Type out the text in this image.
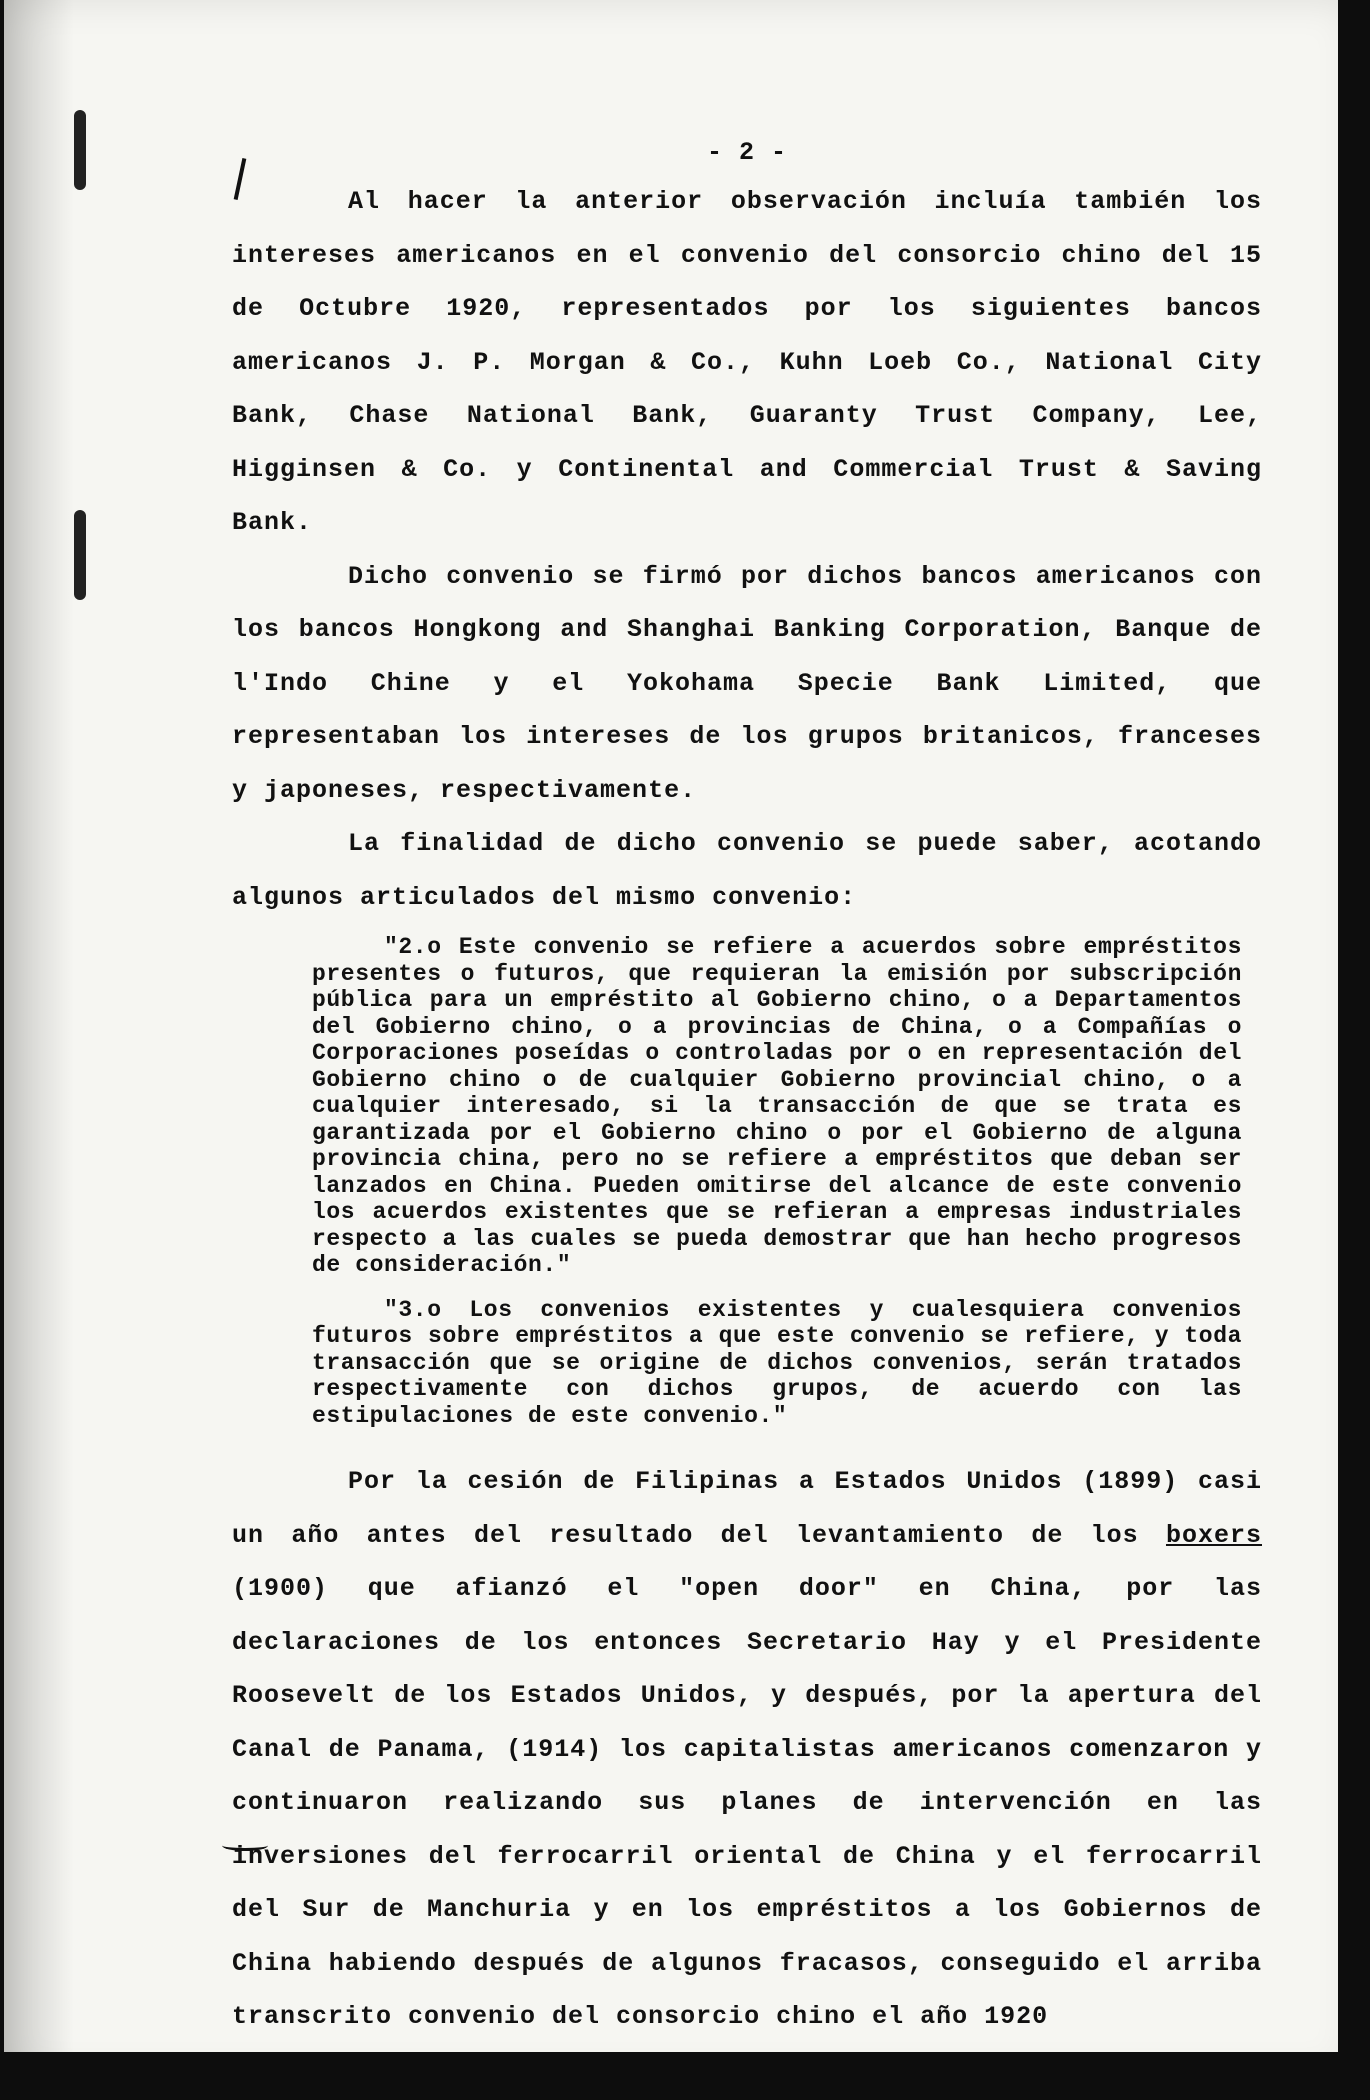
- 2 -

Al hacer la anterior observación incluía también los intereses americanos en el convenio del consorcio chino del 15 de Octubre 1920, representados por los siguientes bancos americanos J. P. Morgan & Co., Kuhn Loeb Co., National City Bank, Chase National Bank, Guaranty Trust Company, Lee, Higginsen & Co. y Continental and Commercial Trust & Saving Bank.

Dicho convenio se firmó por dichos bancos americanos con los bancos Hongkong and Shanghai Banking Corporation, Banque de l'Indo Chine y el Yokohama Specie Bank Limited, que representaban los intereses de los grupos britanicos, franceses y japoneses, respectivamente.

La finalidad de dicho convenio se puede saber, acotando algunos articulados del mismo convenio:

"2.o Este convenio se refiere a acuerdos sobre empréstitos presentes o futuros, que requieran la emisión por subscripción pública para un empréstito al Gobierno chino, o a Departamentos del Gobierno chino, o a provincias de China, o a Compañías o Corporaciones poseídas o controladas por o en representación del Gobierno chino o de cualquier Gobierno provincial chino, o a cualquier interesado, si la transacción de que se trata es garantizada por el Gobierno chino o por el Gobierno de alguna provincia china, pero no se refiere a empréstitos que deban ser lanzados en China. Pueden omitirse del alcance de este convenio los acuerdos existentes que se refieran a empresas industriales respecto a las cuales se pueda demostrar que han hecho progresos de consideración."

"3.o Los convenios existentes y cualesquiera convenios futuros sobre empréstitos a que este convenio se refiere, y toda transacción que se origine de dichos convenios, serán tratados respectivamente con dichos grupos, de acuerdo con las estipulaciones de este convenio."

Por la cesión de Filipinas a Estados Unidos (1899) casi un año antes del resultado del levantamiento de los boxers (1900) que afianzó el "open door" en China, por las declaraciones de los entonces Secretario Hay y el Presidente Roosevelt de los Estados Unidos, y después, por la apertura del Canal de Panama, (1914) los capitalistas americanos comenzaron y continuaron realizando sus planes de intervención en las inversiones del ferrocarril oriental de China y el ferrocarril del Sur de Manchuria y en los empréstitos a los Gobiernos de China habiendo después de algunos fracasos, conseguido el arriba transcrito convenio del consorcio chino el año 1920
